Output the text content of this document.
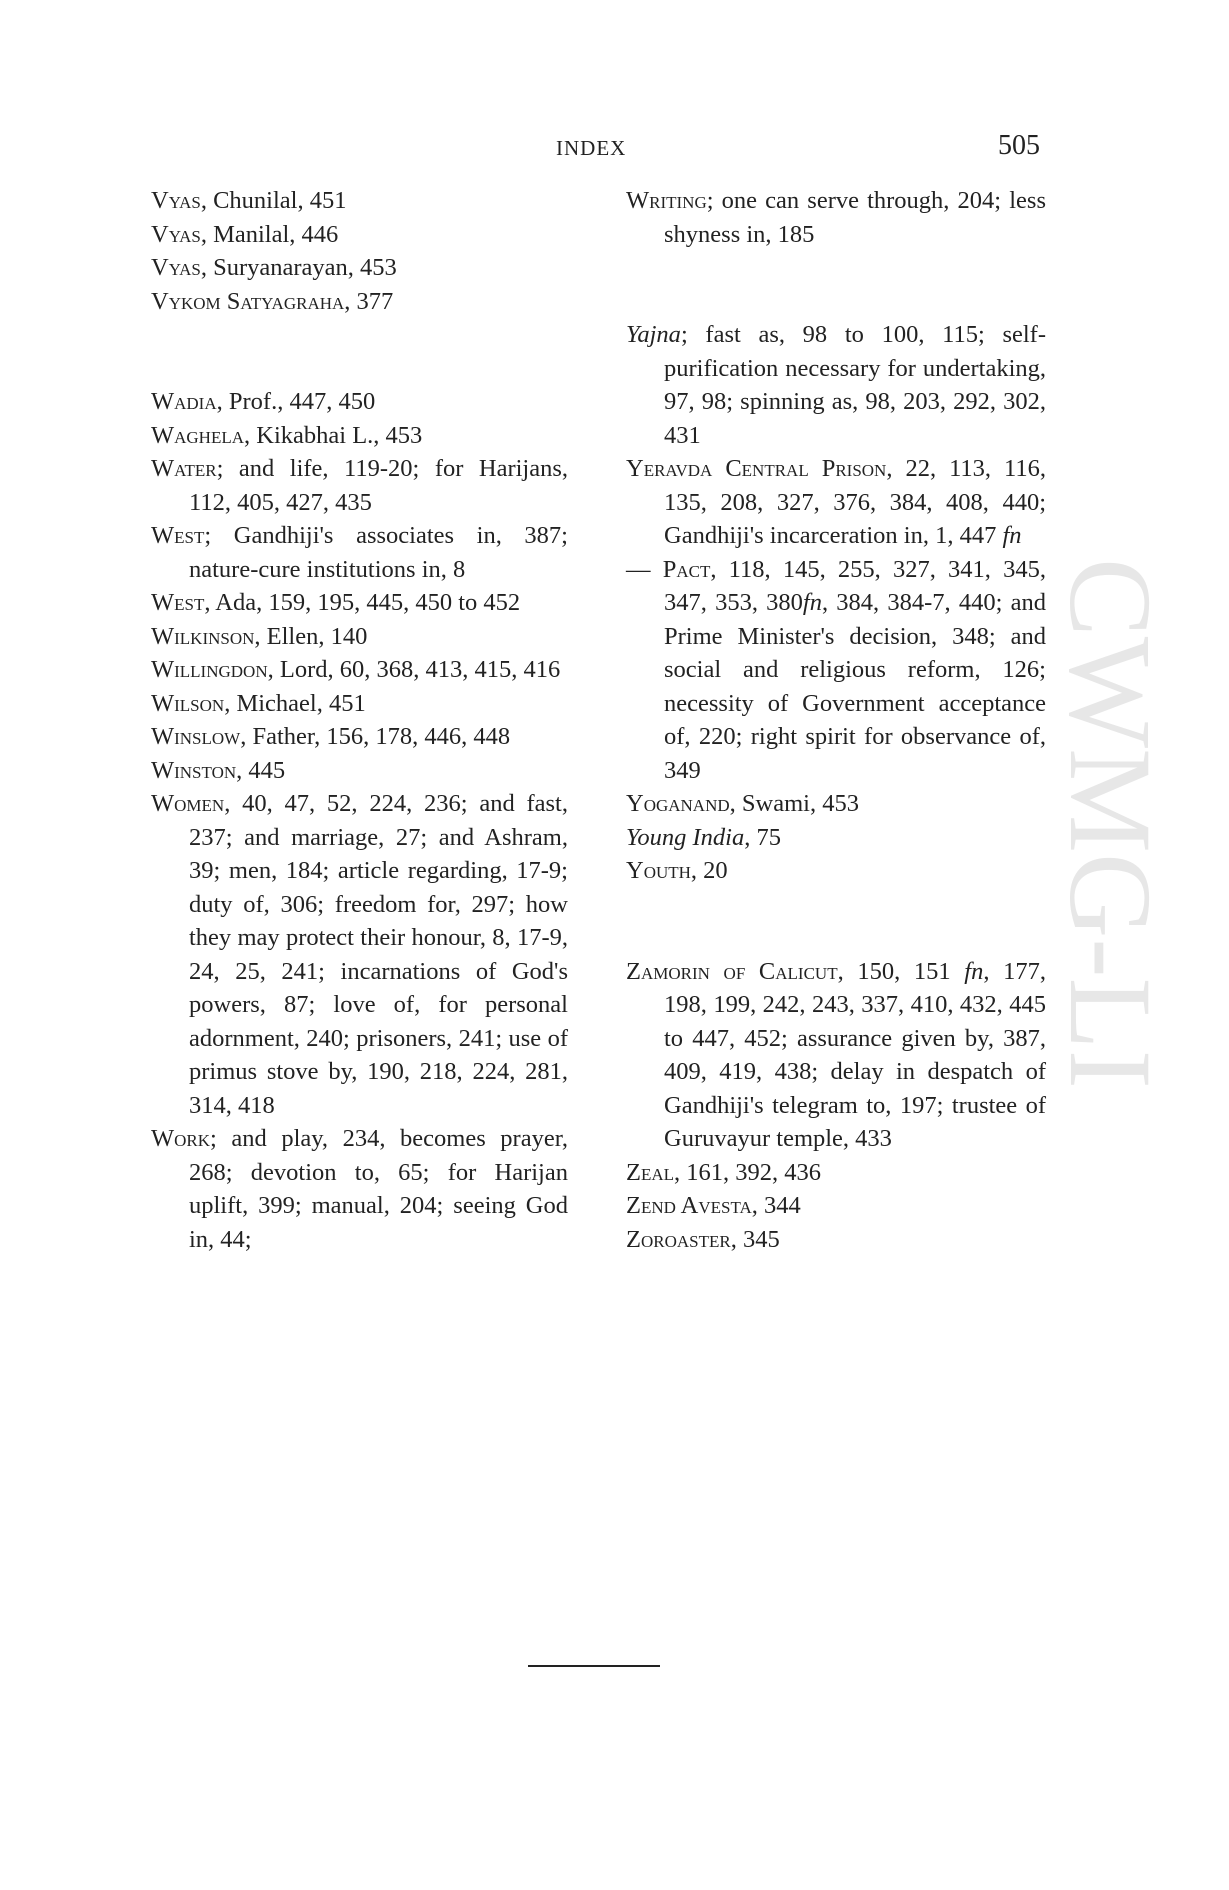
CWMG-LI
INDEX	505
Vyas, Chunilal, 451
Vyas, Manilal, 446
Vyas, Suryanarayan, 453
Vykom Satyagraha, 377
Wadia, Prof., 447, 450
Waghela, Kikabhai L., 453
Water; and life, 119-20; for Harijans, 112, 405, 427, 435
West; Gandhiji's associates in, 387; nature-cure institutions in, 8
West, Ada, 159, 195, 445, 450 to 452
Wilkinson, Ellen, 140
Willingdon, Lord, 60, 368, 413, 415, 416
Wilson, Michael, 451
Winslow, Father, 156, 178, 446, 448
Winston, 445
Women, 40, 47, 52, 224, 236; and fast, 237; and marriage, 27; and Ashram, 39; men, 184; article regarding, 17-9; duty of, 306; freedom for, 297; how they may protect their honour, 8, 17-9, 24, 25, 241; incarnations of God's powers, 87; love of, for personal adornment, 240; prisoners, 241; use of primus stove by, 190, 218, 224, 281, 314, 418
Work; and play, 234, becomes prayer, 268; devotion to, 65; for Harijan uplift, 399; manual, 204; seeing God in, 44;
Writing; one can serve through, 204; less shyness in, 185
Yajna; fast as, 98 to 100, 115; self-purification necessary for undertaking, 97, 98; spinning as, 98, 203, 292, 302, 431
Yeravda Central Prison, 22, 113, 116, 135, 208, 327, 376, 384, 408, 440; Gandhiji's incarceration in, 1, 447 fn
— Pact, 118, 145, 255, 327, 341, 345, 347, 353, 380fn, 384, 384-7, 440; and Prime Minister's decision, 348; and social and religious reform, 126; necessity of Government acceptance of, 220; right spirit for observance of, 349
Yoganand, Swami, 453
Young India, 75
Youth, 20
Zamorin of Calicut, 150, 151 fn, 177, 198, 199, 242, 243, 337, 410, 432, 445 to 447, 452; assurance given by, 387, 409, 419, 438; delay in despatch of Gandhiji's telegram to, 197; trustee of Guruvayur temple, 433
Zeal, 161, 392, 436
Zend Avesta, 344
Zoroaster, 345
